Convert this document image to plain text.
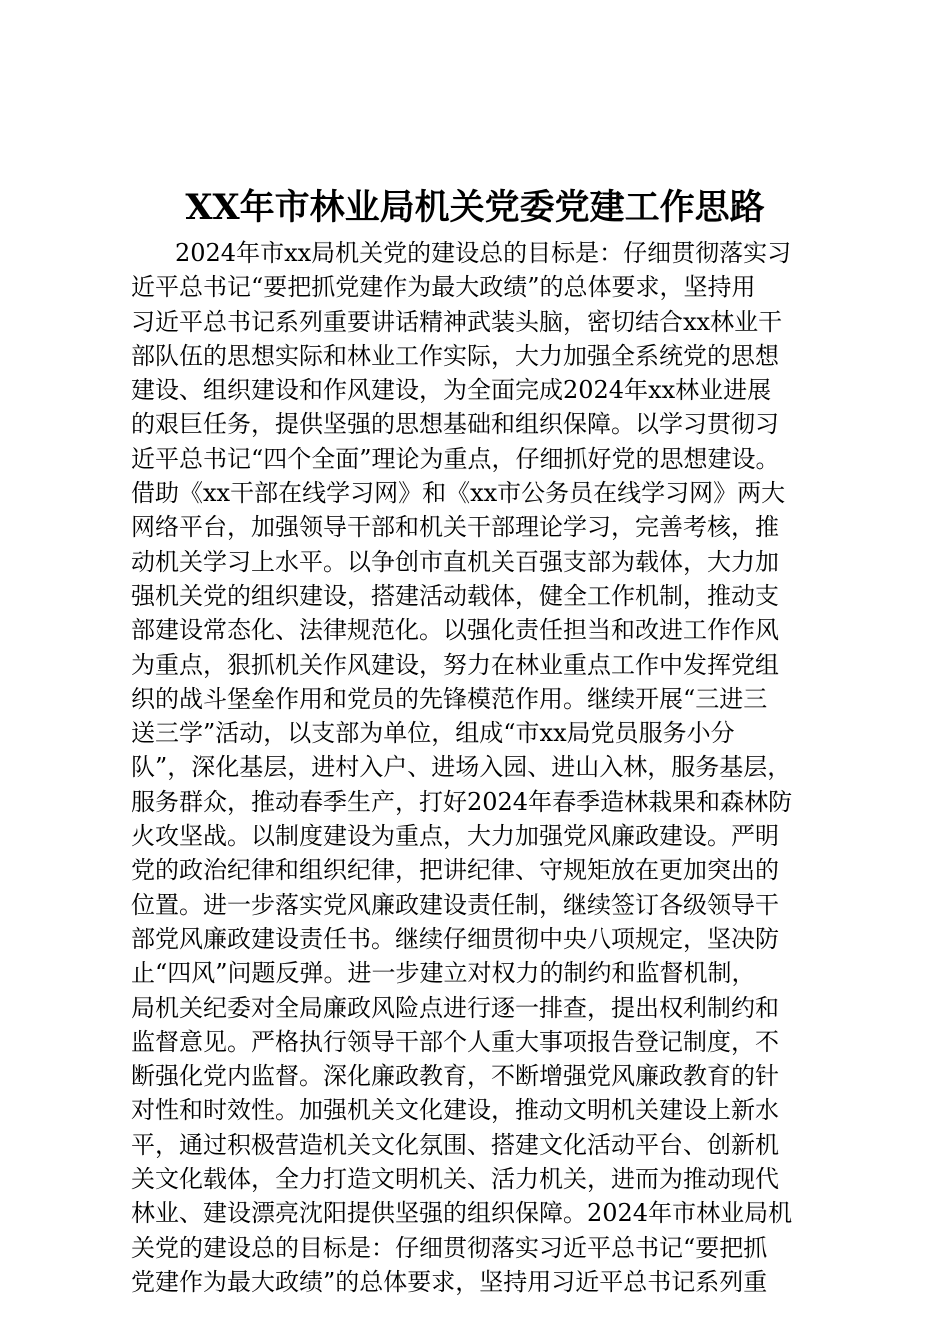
XX年市林业局机关党委党建工作思路
2024年市xx局机关党的建设总的目标是：仔细贯彻落实习
近平总书记“要把抓党建作为最大政绩”的总体要求，坚持用
习近平总书记系列重要讲话精神武装头脑，密切结合xx林业干
部队伍的思想实际和林业工作实际，大力加强全系统党的思想
建设、组织建设和作风建设，为全面完成2024年xx林业进展
的艰巨任务，提供坚强的思想基础和组织保障。以学习贯彻习
近平总书记“四个全面”理论为重点，仔细抓好党的思想建设。
借助《xx干部在线学习网》和《xx市公务员在线学习网》两大
网络平台，加强领导干部和机关干部理论学习，完善考核，推
动机关学习上水平。以争创市直机关百强支部为载体，大力加
强机关党的组织建设，搭建活动载体，健全工作机制，推动支
部建设常态化、法律规范化。以强化责任担当和改进工作作风
为重点，狠抓机关作风建设，努力在林业重点工作中发挥党组
织的战斗堡垒作用和党员的先锋模范作用。继续开展“三进三
送三学”活动，以支部为单位，组成“市xx局党员服务小分
队”，深化基层，进村入户、进场入园、进山入林，服务基层，
服务群众，推动春季生产，打好2024年春季造林栽果和森林防
火攻坚战。以制度建设为重点，大力加强党风廉政建设。严明
党的政治纪律和组织纪律，把讲纪律、守规矩放在更加突出的
位置。进一步落实党风廉政建设责任制，继续签订各级领导干
部党风廉政建设责任书。继续仔细贯彻中央八项规定，坚决防
止“四风”问题反弹。进一步建立对权力的制约和监督机制，
局机关纪委对全局廉政风险点进行逐一排查，提出权利制约和
监督意见。严格执行领导干部个人重大事项报告登记制度，不
断强化党内监督。深化廉政教育，不断增强党风廉政教育的针
对性和时效性。加强机关文化建设，推动文明机关建设上新水
平，通过积极营造机关文化氛围、搭建文化活动平台、创新机
关文化载体，全力打造文明机关、活力机关，进而为推动现代
林业、建设漂亮沈阳提供坚强的组织保障。2024年市林业局机
关党的建设总的目标是：仔细贯彻落实习近平总书记“要把抓
党建作为最大政绩”的总体要求，坚持用习近平总书记系列重
